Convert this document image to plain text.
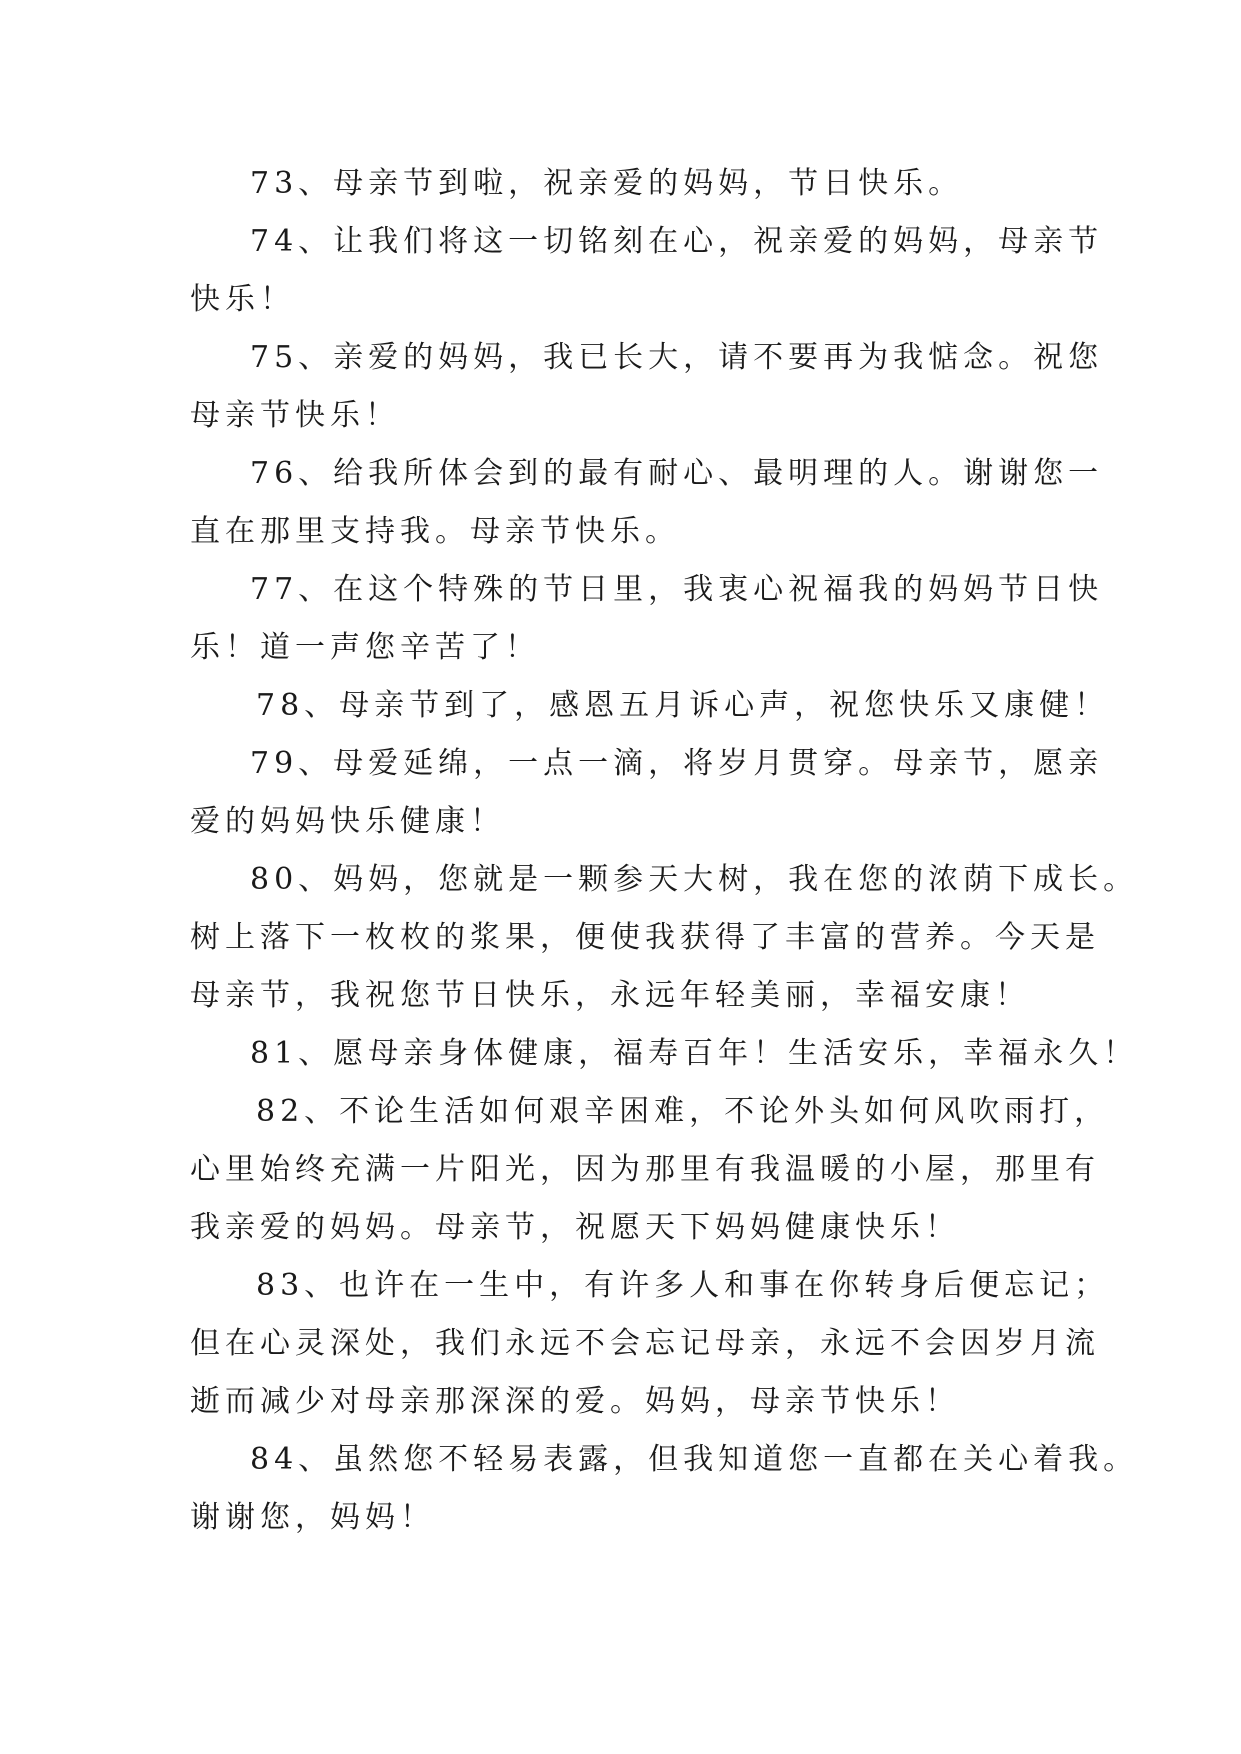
73、母亲节到啦，祝亲爱的妈妈，节日快乐。
74、让我们将这一切铭刻在心，祝亲爱的妈妈，母亲节
快乐！
75、亲爱的妈妈，我已长大，请不要再为我惦念。祝您
母亲节快乐！
76、给我所体会到的最有耐心、最明理的人。谢谢您一
直在那里支持我。母亲节快乐。
77、在这个特殊的节日里，我衷心祝福我的妈妈节日快
乐！道一声您辛苦了！
78、母亲节到了，感恩五月诉心声，祝您快乐又康健！
79、母爱延绵，一点一滴，将岁月贯穿。母亲节，愿亲
爱的妈妈快乐健康！
80、妈妈，您就是一颗参天大树，我在您的浓荫下成长。
树上落下一枚枚的浆果，便使我获得了丰富的营养。今天是
母亲节，我祝您节日快乐，永远年轻美丽，幸福安康！
81、愿母亲身体健康，福寿百年！生活安乐，幸福永久！
82、不论生活如何艰辛困难，不论外头如何风吹雨打，
心里始终充满一片阳光，因为那里有我温暖的小屋，那里有
我亲爱的妈妈。母亲节，祝愿天下妈妈健康快乐！
83、也许在一生中，有许多人和事在你转身后便忘记；
但在心灵深处，我们永远不会忘记母亲，永远不会因岁月流
逝而减少对母亲那深深的爱。妈妈，母亲节快乐！
84、虽然您不轻易表露，但我知道您一直都在关心着我。
谢谢您，妈妈！
